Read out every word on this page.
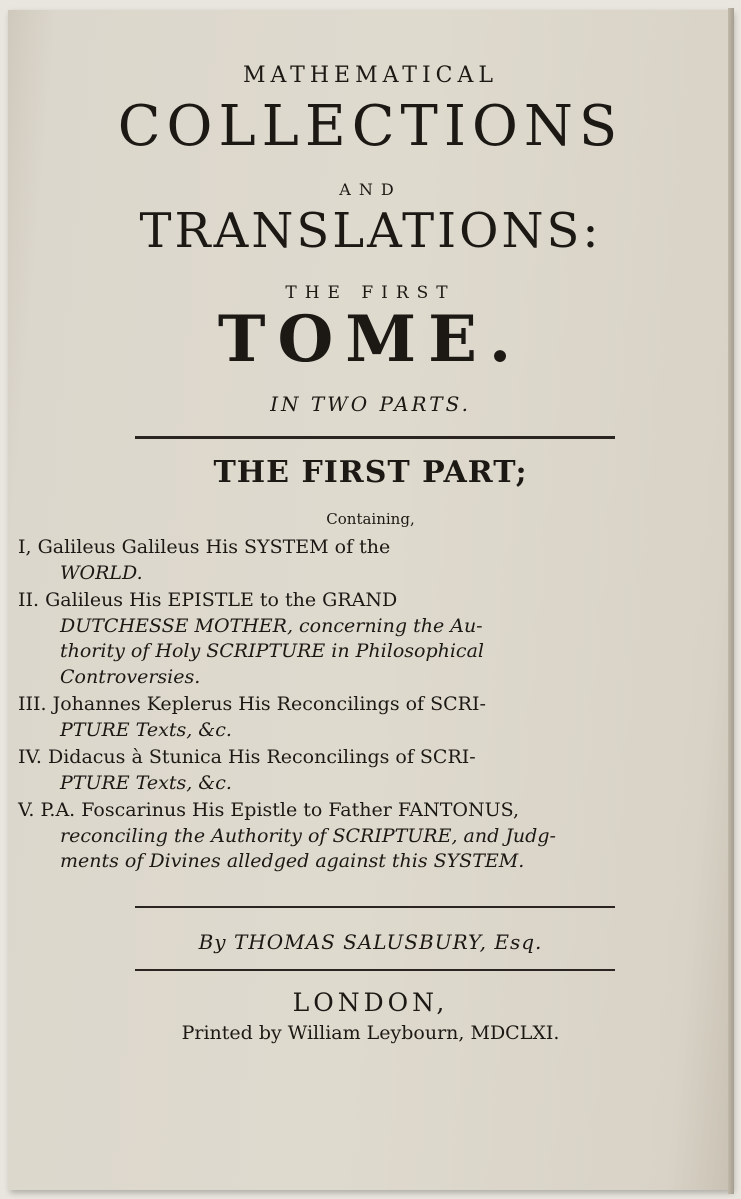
MATHEMATICAL
COLLECTIONS
AND
TRANSLATIONS:
THE FIRST
TOME.
IN TWO PARTS.
THE FIRST PART;
Containing,
I, Galileus Galileus His SYSTEM of the
WORLD.
II. Galileus His EPISTLE to the GRAND
DUTCHESSE MOTHER, concerning the Au-
thority of Holy SCRIPTURE in Philosophical
Controversies.
III. Johannes Keplerus His Reconcilings of SCRI-
PTURE Texts, &c.
IV. Didacus à Stunica His Reconcilings of SCRI-
PTURE Texts, &c.
V. P.A. Foscarinus His Epistle to Father FANTONUS,
reconciling the Authority of SCRIPTURE, and Judg-
ments of Divines alledged against this SYSTEM.
By THOMAS SALUSBURY, Esq.
LONDON,
Printed by William Leybourn, MDCLXI.
